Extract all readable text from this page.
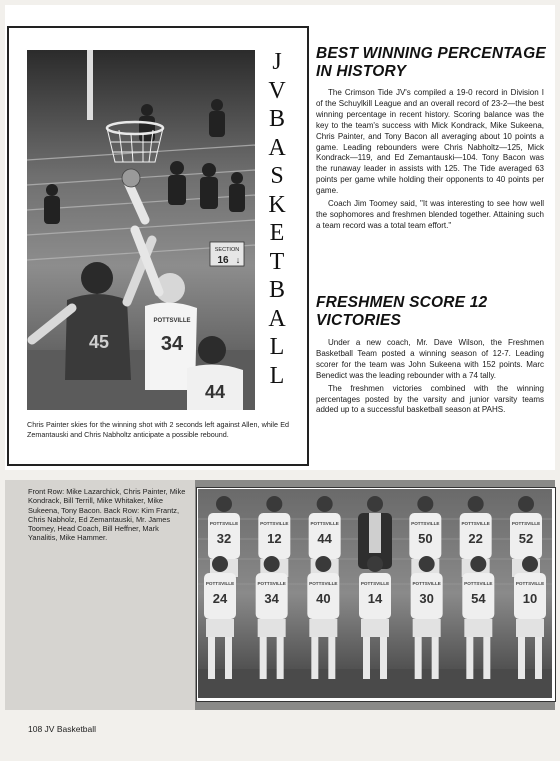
SECTION
16 ↓
45
POTTSVILLE
34
44
J
V
B
A
S
K
E
T
B
A
L
L
Chris Painter skies for the winning shot with 2 seconds left against Allen, while Ed Zemantauski and Chris Nabholtz anticipate a possible rebound.
BEST WINNING PERCENTAGE
IN HISTORY

The Crimson Tide JV's compiled a 19-0 record in Division I of the Schuylkill League and an overall record of 23-2—the best winning percentage in recent history. Scoring balance was the key to the team's success with Mick Kondrack, Mike Sukeena, Chris Painter, and Tony Bacon all averaging about 10 points a game. Leading rebounders were Chris Nabholtz—125, Mick Kondrack—119, and Ed Zemantauski—104. Tony Bacon was the runaway leader in assists with 125. The Tide averaged 63 points per game while holding their opponents to 40 points per game.

Coach Jim Toomey said, "It was interesting to see how well the sophomores and freshmen blended together. Attaining such a team record was a total team effort."

FRESHMEN SCORE 12
VICTORIES

Under a new coach, Mr. Dave Wilson, the Freshmen Basketball Team posted a winning season of 12-7. Leading scorer for the team was John Sukeena with 152 points. Marc Benedict was the leading rebounder with a 74 tally.

The freshmen victories combined with the winning percentages posted by the varsity and junior varsity teams added up to a successful basketball season at PAHS.

Front Row: Mike Lazarchick, Chris Painter, Mike Kondrack, Bill Terrill, Mike Whitaker, Mike Sukeena, Tony Bacon. Back Row: Kim Frantz, Chris Nabholz, Ed Zemantauski, Mr. James Toomey, Head Coach, Bill Heffner, Mark Yanalitis, Mike Hammer.
POTTSVILLE
32
POTTSVILLE
12
POTTSVILLE
44
POTTSVILLE
50
POTTSVILLE
22
POTTSVILLE
52
POTTSVILLE
24
POTTSVILLE
34
POTTSVILLE
40
POTTSVILLE
14
POTTSVILLE
30
POTTSVILLE
54
POTTSVILLE
10
108 JV Basketball
